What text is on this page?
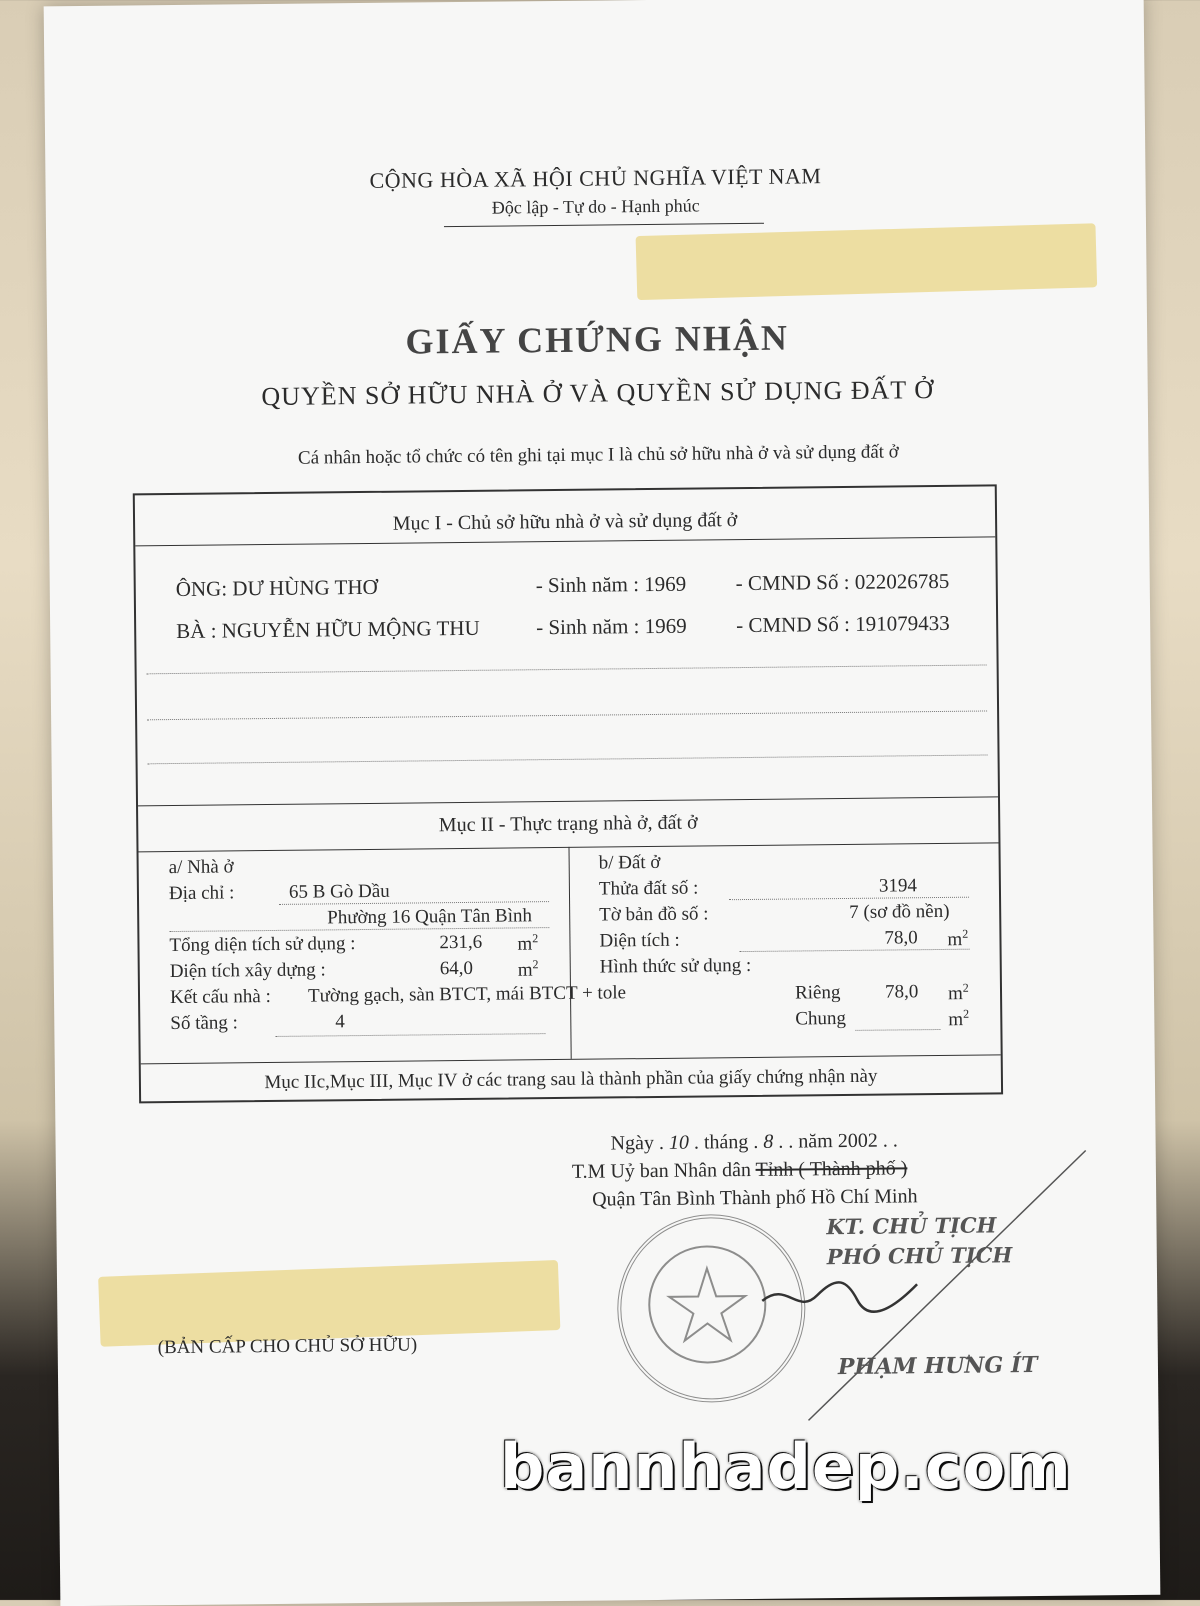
CỘNG HÒA XÃ HỘI CHỦ NGHĨA VIỆT NAM
Độc lập - Tự do - Hạnh phúc
GIẤY CHỨNG NHẬN
QUYỀN SỞ HỮU NHÀ Ở VÀ QUYỀN SỬ DỤNG ĐẤT Ở
Cá nhân hoặc tổ chức có tên ghi tại mục I là chủ sở hữu nhà ở và sử dụng đất ở
Mục I - Chủ sở hữu nhà ở và sử dụng đất ở
ÔNG: DƯ HÙNG THƠ	- Sinh năm : 1969 - CMND Số : 022026785
BÀ : NGUYỄN HỮU MỘNG THU	- Sinh năm : 1969 - CMND Số : 191079433
Mục II - Thực trạng nhà ở, đất ở
a/ Nhà ở
Địa chỉ :	65 B Gò Dầu
Phường 16 Quận Tân Bình
Tổng diện tích sử dụng :	231,6 $m^2$
Diện tích xây dựng :	64,0 $m^2$
Kết cấu nhà : Tường gạch, sàn BTCT, mái BTCT + tole
Số tầng :	4
b/ Đất ở
Thửa đất số :	3194
Tờ bản đồ số :	7 (sơ đồ nền)
Diện tích :	78,0 $m^2$
Hình thức sử dụng :
Riêng 78,0 $m^2$
Chung	$m^2$
Mục IIc,Mục III, Mục IV ở các trang sau là thành phần của giấy chứng nhận này
Ngày . 10 . tháng . 8 . . năm 2002 . .
T.M Uỷ ban Nhân dân Tỉnh ( Thành phố )
Quận Tân Bình Thành phố Hồ Chí Minh
KT. CHỦ TỊCH
PHÓ CHỦ TỊCH
PHẠM HƯNG ÍT
(BẢN CẤP CHO CHỦ SỞ HỮU)
bannhadep.com
